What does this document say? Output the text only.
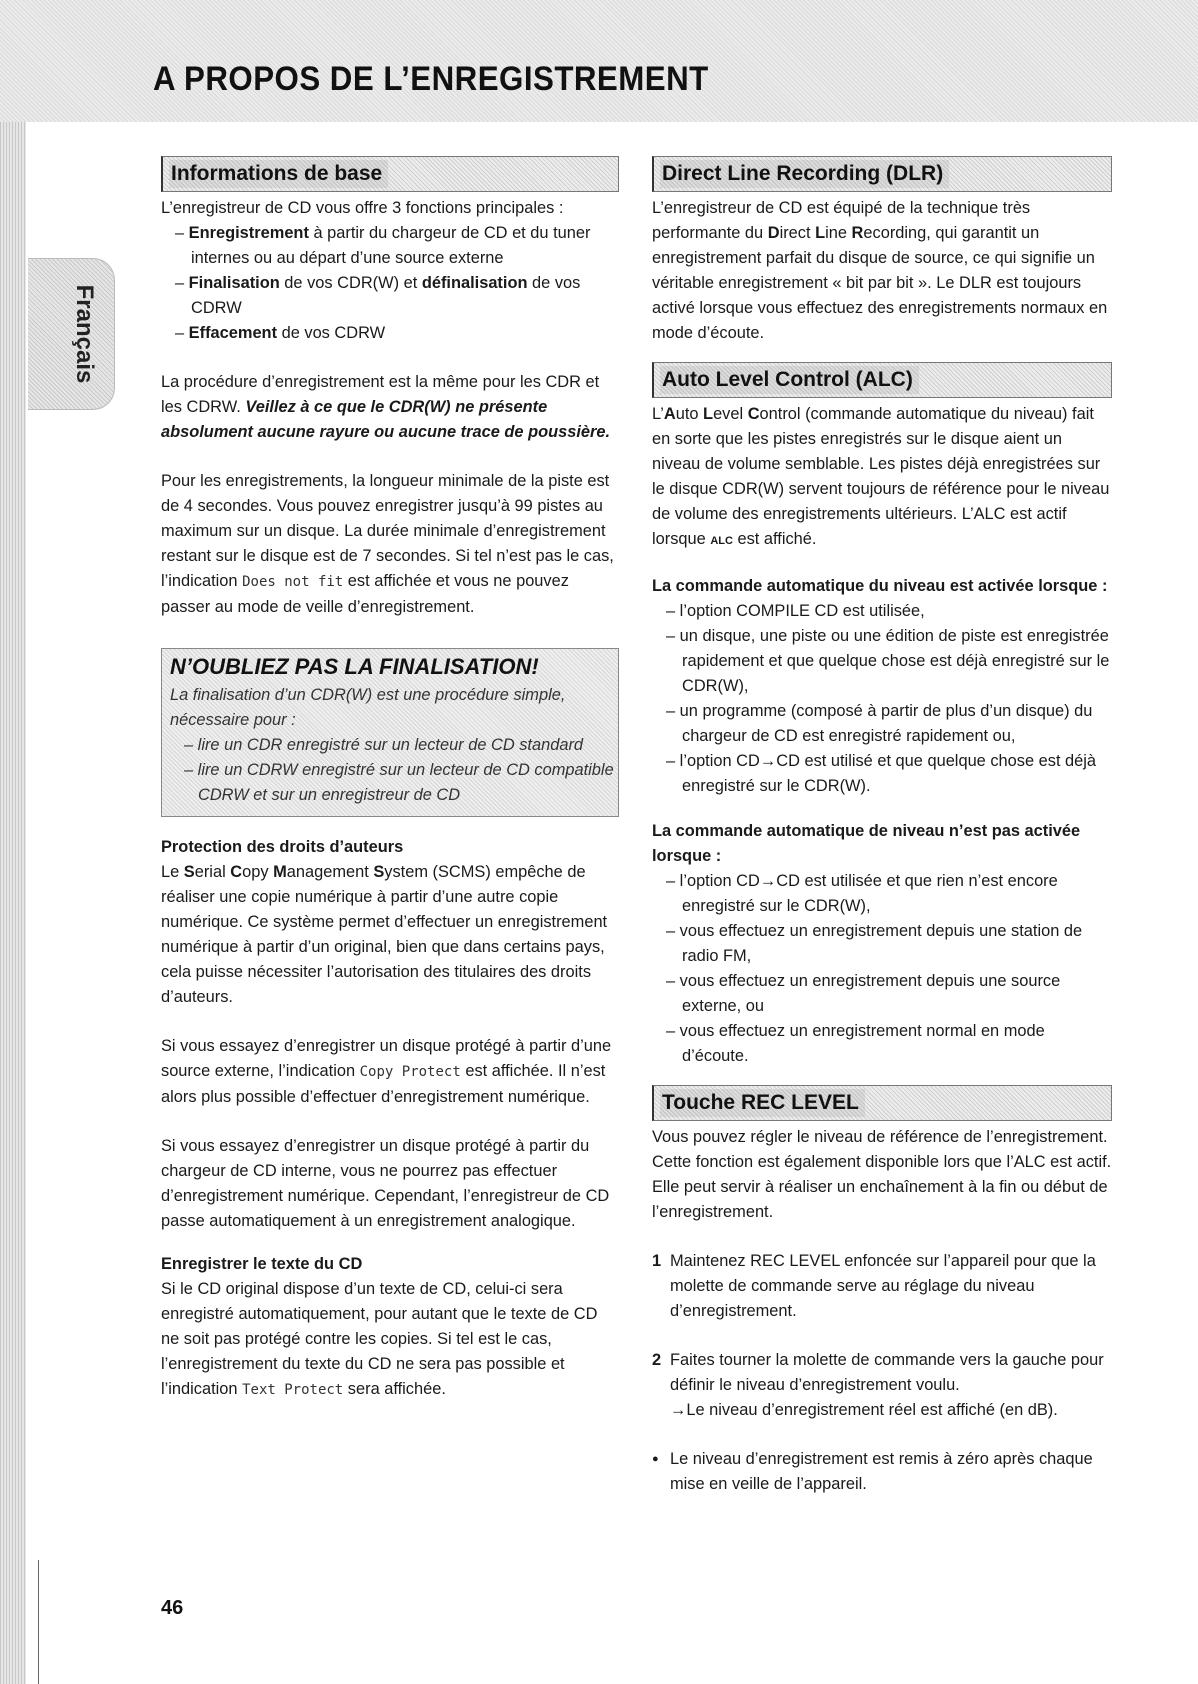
A PROPOS DE L’ENREGISTREMENT
Français
Informations de base

L’enregistreur de CD vous offre 3 fonctions principales :

– Enregistrement à partir du chargeur de CD et du tuner internes ou au départ d’une source externe
– Finalisation de vos CDR(W) et définalisation de vos CDRW
– Effacement de vos CDRW

La procédure d’enregistrement est la même pour les CDR et les CDRW. Veillez à ce que le CDR(W) ne présente absolument aucune rayure ou aucune trace de poussière.

Pour les enregistrements, la longueur minimale de la piste est de 4 secondes. Vous pouvez enregistrer jusqu’à 99 pistes au maximum sur un disque. La durée minimale d’enregistrement restant sur le disque est de 7 secondes. Si tel n’est pas le cas, l’indication Does not fit est affichée et vous ne pouvez passer au mode de veille d’enregistrement.

N’OUBLIEZ PAS LA FINALISATION!

La finalisation d’un CDR(W) est une procédure simple, nécessaire pour :

– lire un CDR enregistré sur un lecteur de CD standard
– lire un CDRW enregistré sur un lecteur de CD compatible CDRW et sur un enregistreur de CD

Protection des droits d’auteurs

Le Serial Copy Management System (SCMS) empêche de réaliser une copie numérique à partir d’une autre copie numérique. Ce système permet d’effectuer un enregistrement numérique à partir d’un original, bien que dans certains pays, cela puisse nécessiter l’autorisation des titulaires des droits d’auteurs.

Si vous essayez d’enregistrer un disque protégé à partir d’une source externe, l’indication Copy Protect est affichée. Il n’est alors plus possible d’effectuer d’enregistrement numérique.

Si vous essayez d’enregistrer un disque protégé à partir du chargeur de CD interne, vous ne pourrez pas effectuer d’enregistrement numérique. Cependant, l’enregistreur de CD passe automatiquement à un enregistrement analogique.

Enregistrer le texte du CD

Si le CD original dispose d’un texte de CD, celui-ci sera enregistré automatiquement, pour autant que le texte de CD ne soit pas protégé contre les copies. Si tel est le cas, l’enregistrement du texte du CD ne sera pas possible et l’indication Text Protect sera affichée.

Direct Line Recording (DLR)

L’enregistreur de CD est équipé de la technique très performante du Direct Line Recording, qui garantit un enregistrement parfait du disque de source, ce qui signifie un véritable enregistrement « bit par bit ». Le DLR est toujours activé lorsque vous effectuez des enregistrements normaux en mode d’écoute.

Auto Level Control (ALC)

L’Auto Level Control (commande automatique du niveau) fait en sorte que les pistes enregistrés sur le disque aient un niveau de volume semblable. Les pistes déjà enregistrées sur le disque CDR(W) servent toujours de référence pour le niveau de volume des enregistrements ultérieurs. L’ALC est actif lorsque ALC est affiché.

La commande automatique du niveau est activée lorsque :

– l’option COMPILE CD est utilisée,
– un disque, une piste ou une édition de piste est enregistrée rapidement et que quelque chose est déjà enregistré sur le CDR(W),
– un programme (composé à partir de plus d’un disque) du chargeur de CD est enregistré rapidement ou,
– l’option CD→CD est utilisé et que quelque chose est déjà enregistré sur le CDR(W).

La commande automatique de niveau n’est pas activée lorsque :

– l’option CD→CD est utilisée et que rien n’est encore enregistré sur le CDR(W),
– vous effectuez un enregistrement depuis une station de radio FM,
– vous effectuez un enregistrement depuis une source externe, ou
– vous effectuez un enregistrement normal en mode d’écoute.
Touche REC LEVEL

Vous pouvez régler le niveau de référence de l’enregistrement. Cette fonction est également disponible lors que l’ALC est actif. Elle peut servir à réaliser un enchaînement à la fin ou début de l’enregistrement.

1 Maintenez REC LEVEL enfoncée sur l’appareil pour que la molette de commande serve au réglage du niveau d’enregistrement.

2 Faites tourner la molette de commande vers la gauche pour définir le niveau d’enregistrement voulu.

→Le niveau d’enregistrement réel est affiché (en dB).

● Le niveau d’enregistrement est remis à zéro après chaque mise en veille de l’appareil.

46
